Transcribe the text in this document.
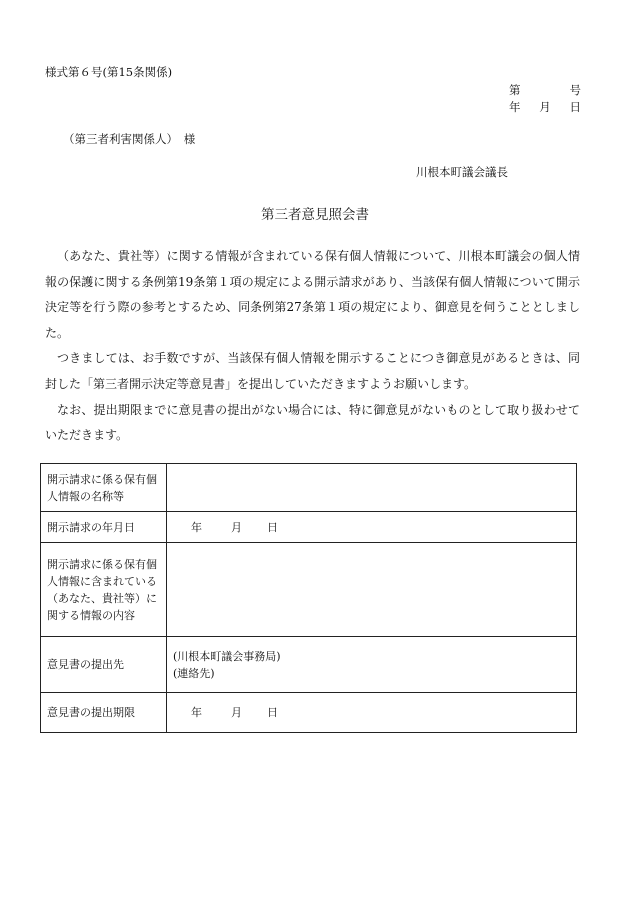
様式第６号(第15条関係)
第	号
年 月 日
（第三者利害関係人）　様
川根本町議会議長
第三者意見照会書

（あなた、貴社等）に関する情報が含まれている保有個人情報について、川根本町議会の個人情報の保護に関する条例第19条第１項の規定による開示請求があり、当該保有個人情報について開示決定等を行う際の参考とするため、同条例第27条第１項の規定により、御意見を伺うこととしました。

つきましては、お手数ですが、当該保有個人情報を開示することにつき御意見があるときは、同封した「第三者開示決定等意見書」を提出していただきますようお願いします。

なお、提出期限までに意見書の提出がない場合には、特に御意見がないものとして取り扱わせていただきます。

開示請求に係る保有個人情報の名称等	
開示請求の年月日	年 月 日
開示請求に係る保有個人情報に含まれている（あなた、貴社等）に関する情報の内容	
意見書の提出先	(川根本町議会事務局)
(連絡先)

意見書の提出期限	年 月 日
